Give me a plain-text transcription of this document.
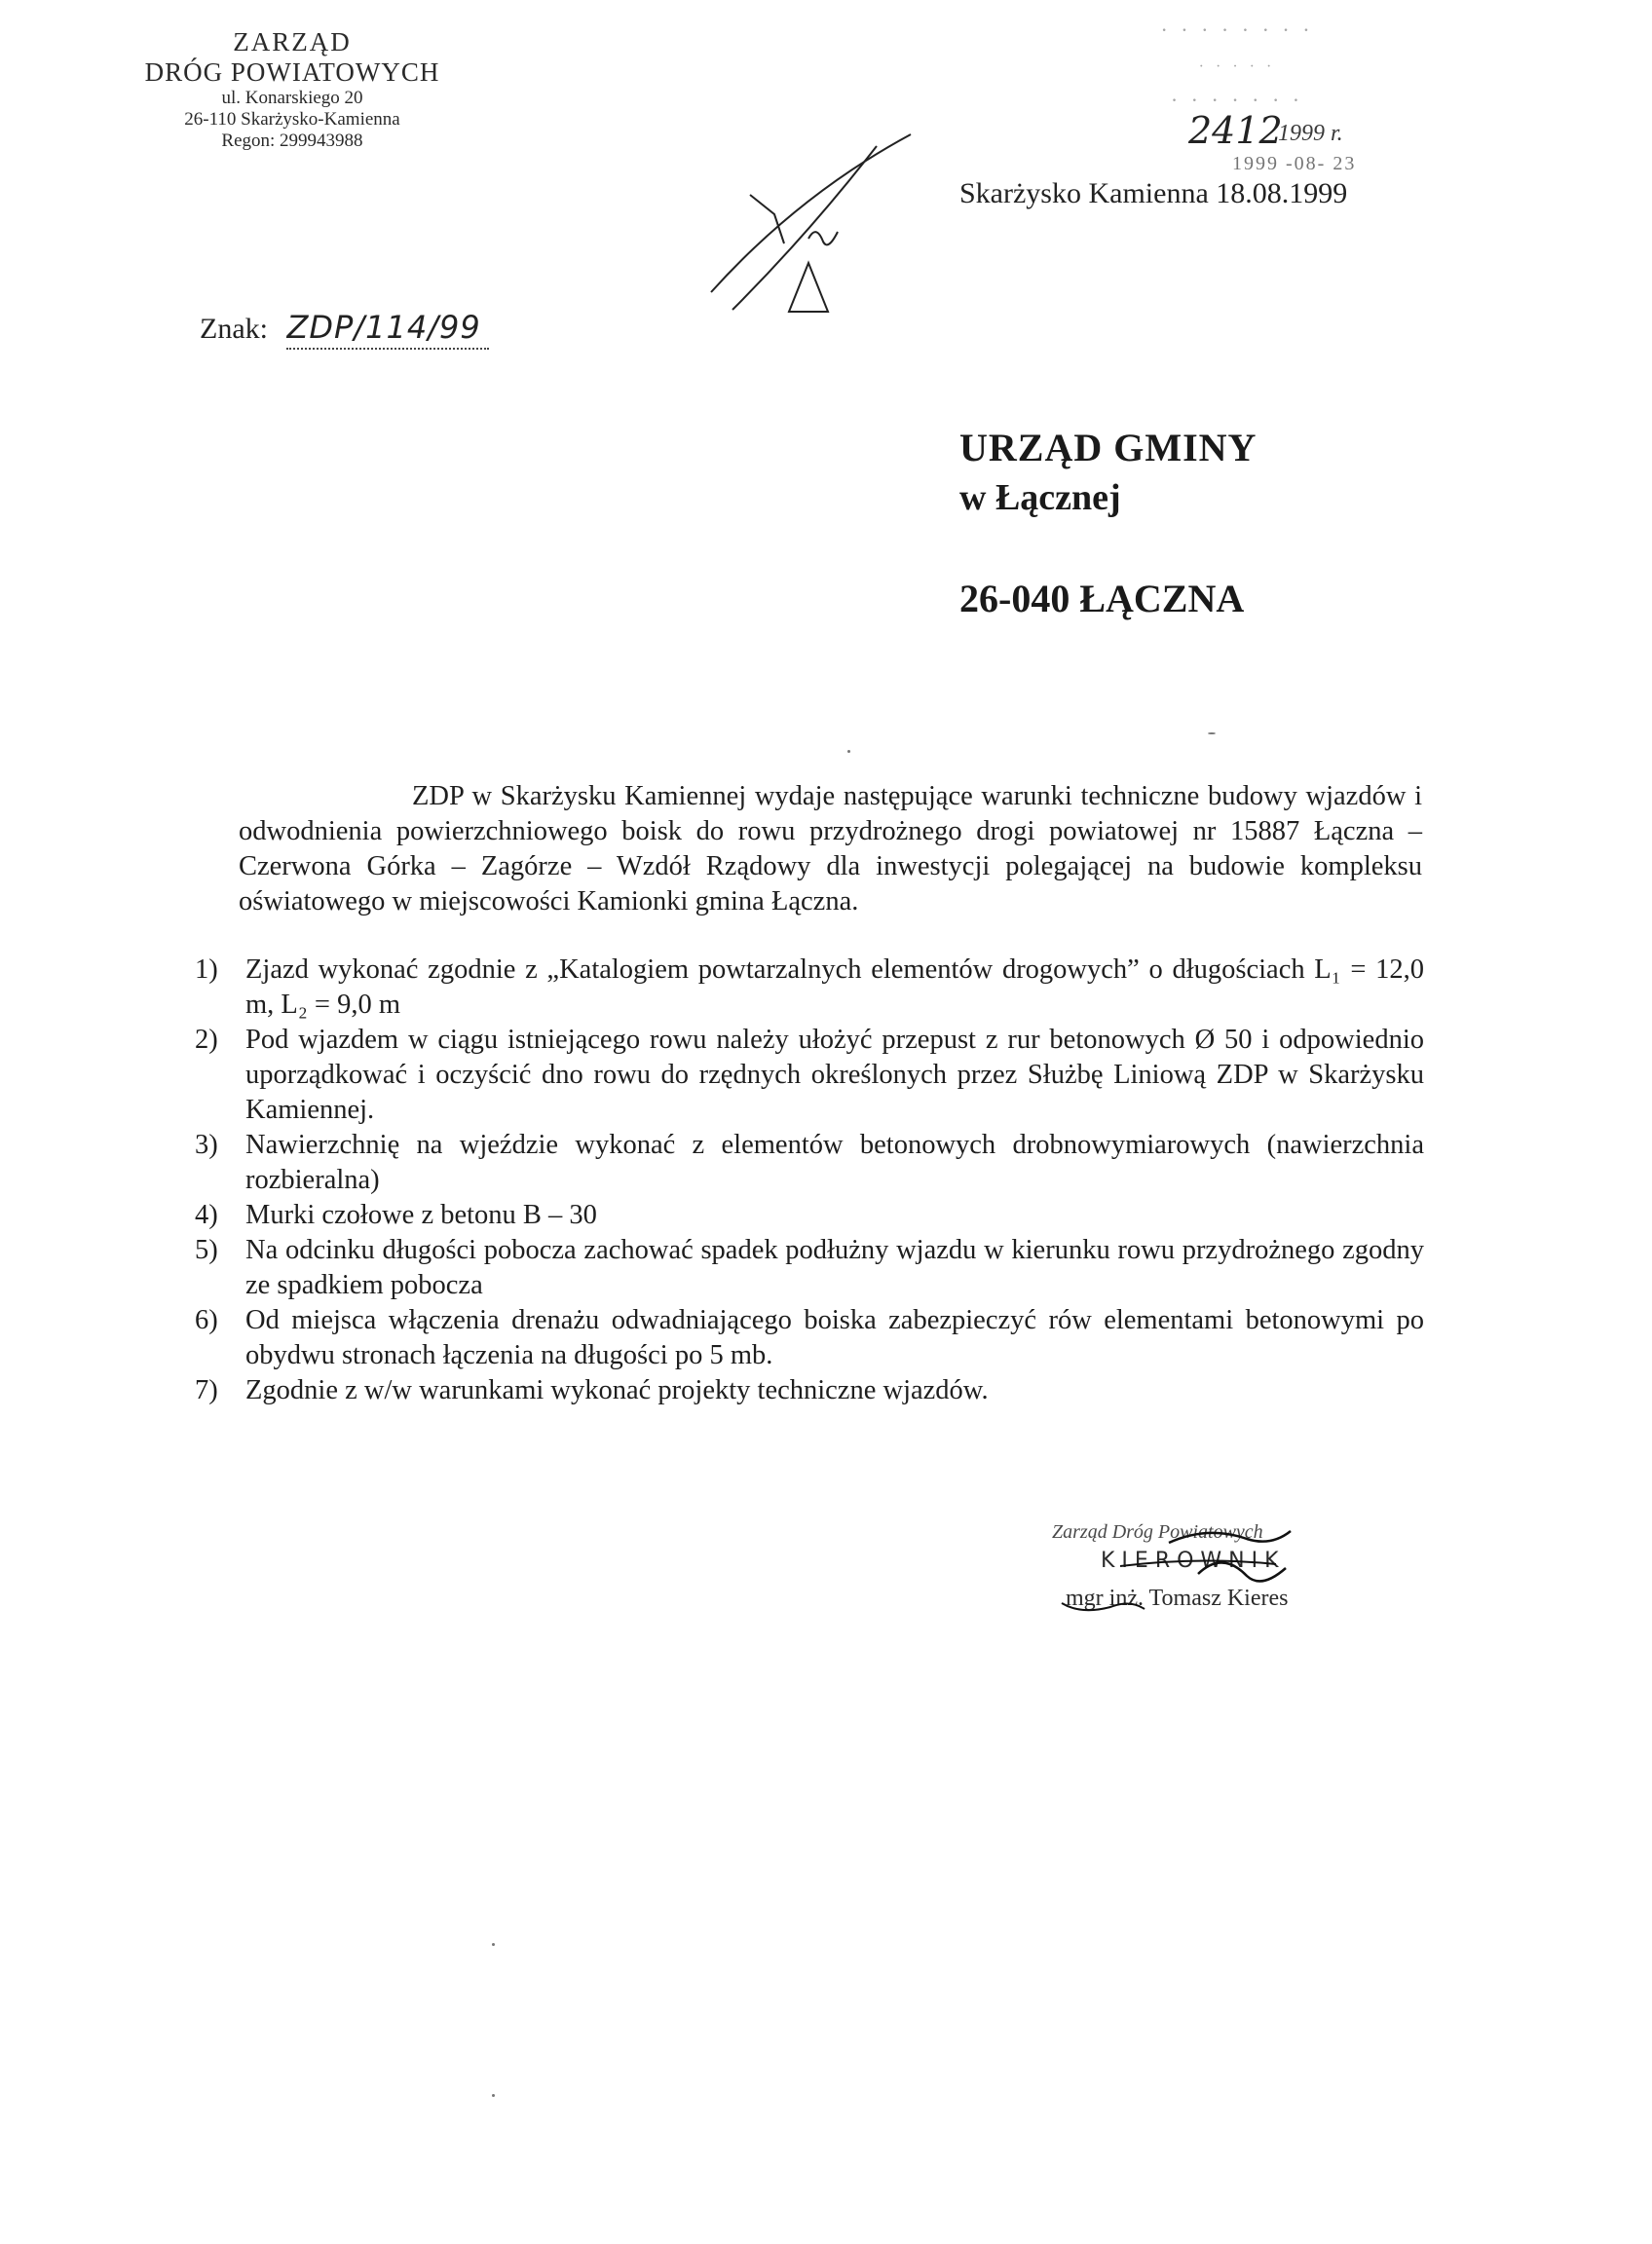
ZARZĄD
DRÓG POWIATOWYCH
ul. Konarskiego 20
26-110 Skarżysko-Kamienna
Regon: 299943988
· · · · · · · ·
· · · · ·
· · · · · · ·
2412
1999 r.
1999 -08- 23
Skarżysko Kamienna 18.08.1999
Znak: ZDP/114/99
URZĄD GMINY
w Łącznej
26-040 ŁĄCZNA
ZDP w Skarżysku Kamiennej wydaje następujące warunki techniczne budowy wjazdów i odwodnienia powierzchniowego boisk do rowu przydrożnego drogi powiatowej nr 15887 Łączna – Czerwona Górka – Zagórze – Wzdół Rządowy dla inwestycji polegającej na budowie kompleksu oświatowego w miejscowości Kamionki gmina Łączna.
1) Zjazd wykonać zgodnie z „Katalogiem powtarzalnych elementów drogowych” o długościach L₁ = 12,0 m, L₂ = 9,0 m
2) Pod wjazdem w ciągu istniejącego rowu należy ułożyć przepust z rur betonowych Ø 50 i odpowiednio uporządkować i oczyścić dno rowu do rzędnych określonych przez Służbę Liniową ZDP w Skarżysku Kamiennej.
3) Nawierzchnię na wjeździe wykonać z elementów betonowych drobnowymiarowych (nawierzchnia rozbieralna)
4) Murki czołowe z betonu B – 30
5) Na odcinku długości pobocza zachować spadek podłużny wjazdu w kierunku rowu przydrożnego zgodny ze spadkiem pobocza
6) Od miejsca włączenia drenażu odwadniającego boiska zabezpieczyć rów elementami betonowymi po obydwu stronach łączenia na długości po 5 mb.
7) Zgodnie z w/w warunkami wykonać projekty techniczne wjazdów.
Zarząd Dróg Powiatowych
KIEROWNIK
mgr inż. Tomasz Kieres
